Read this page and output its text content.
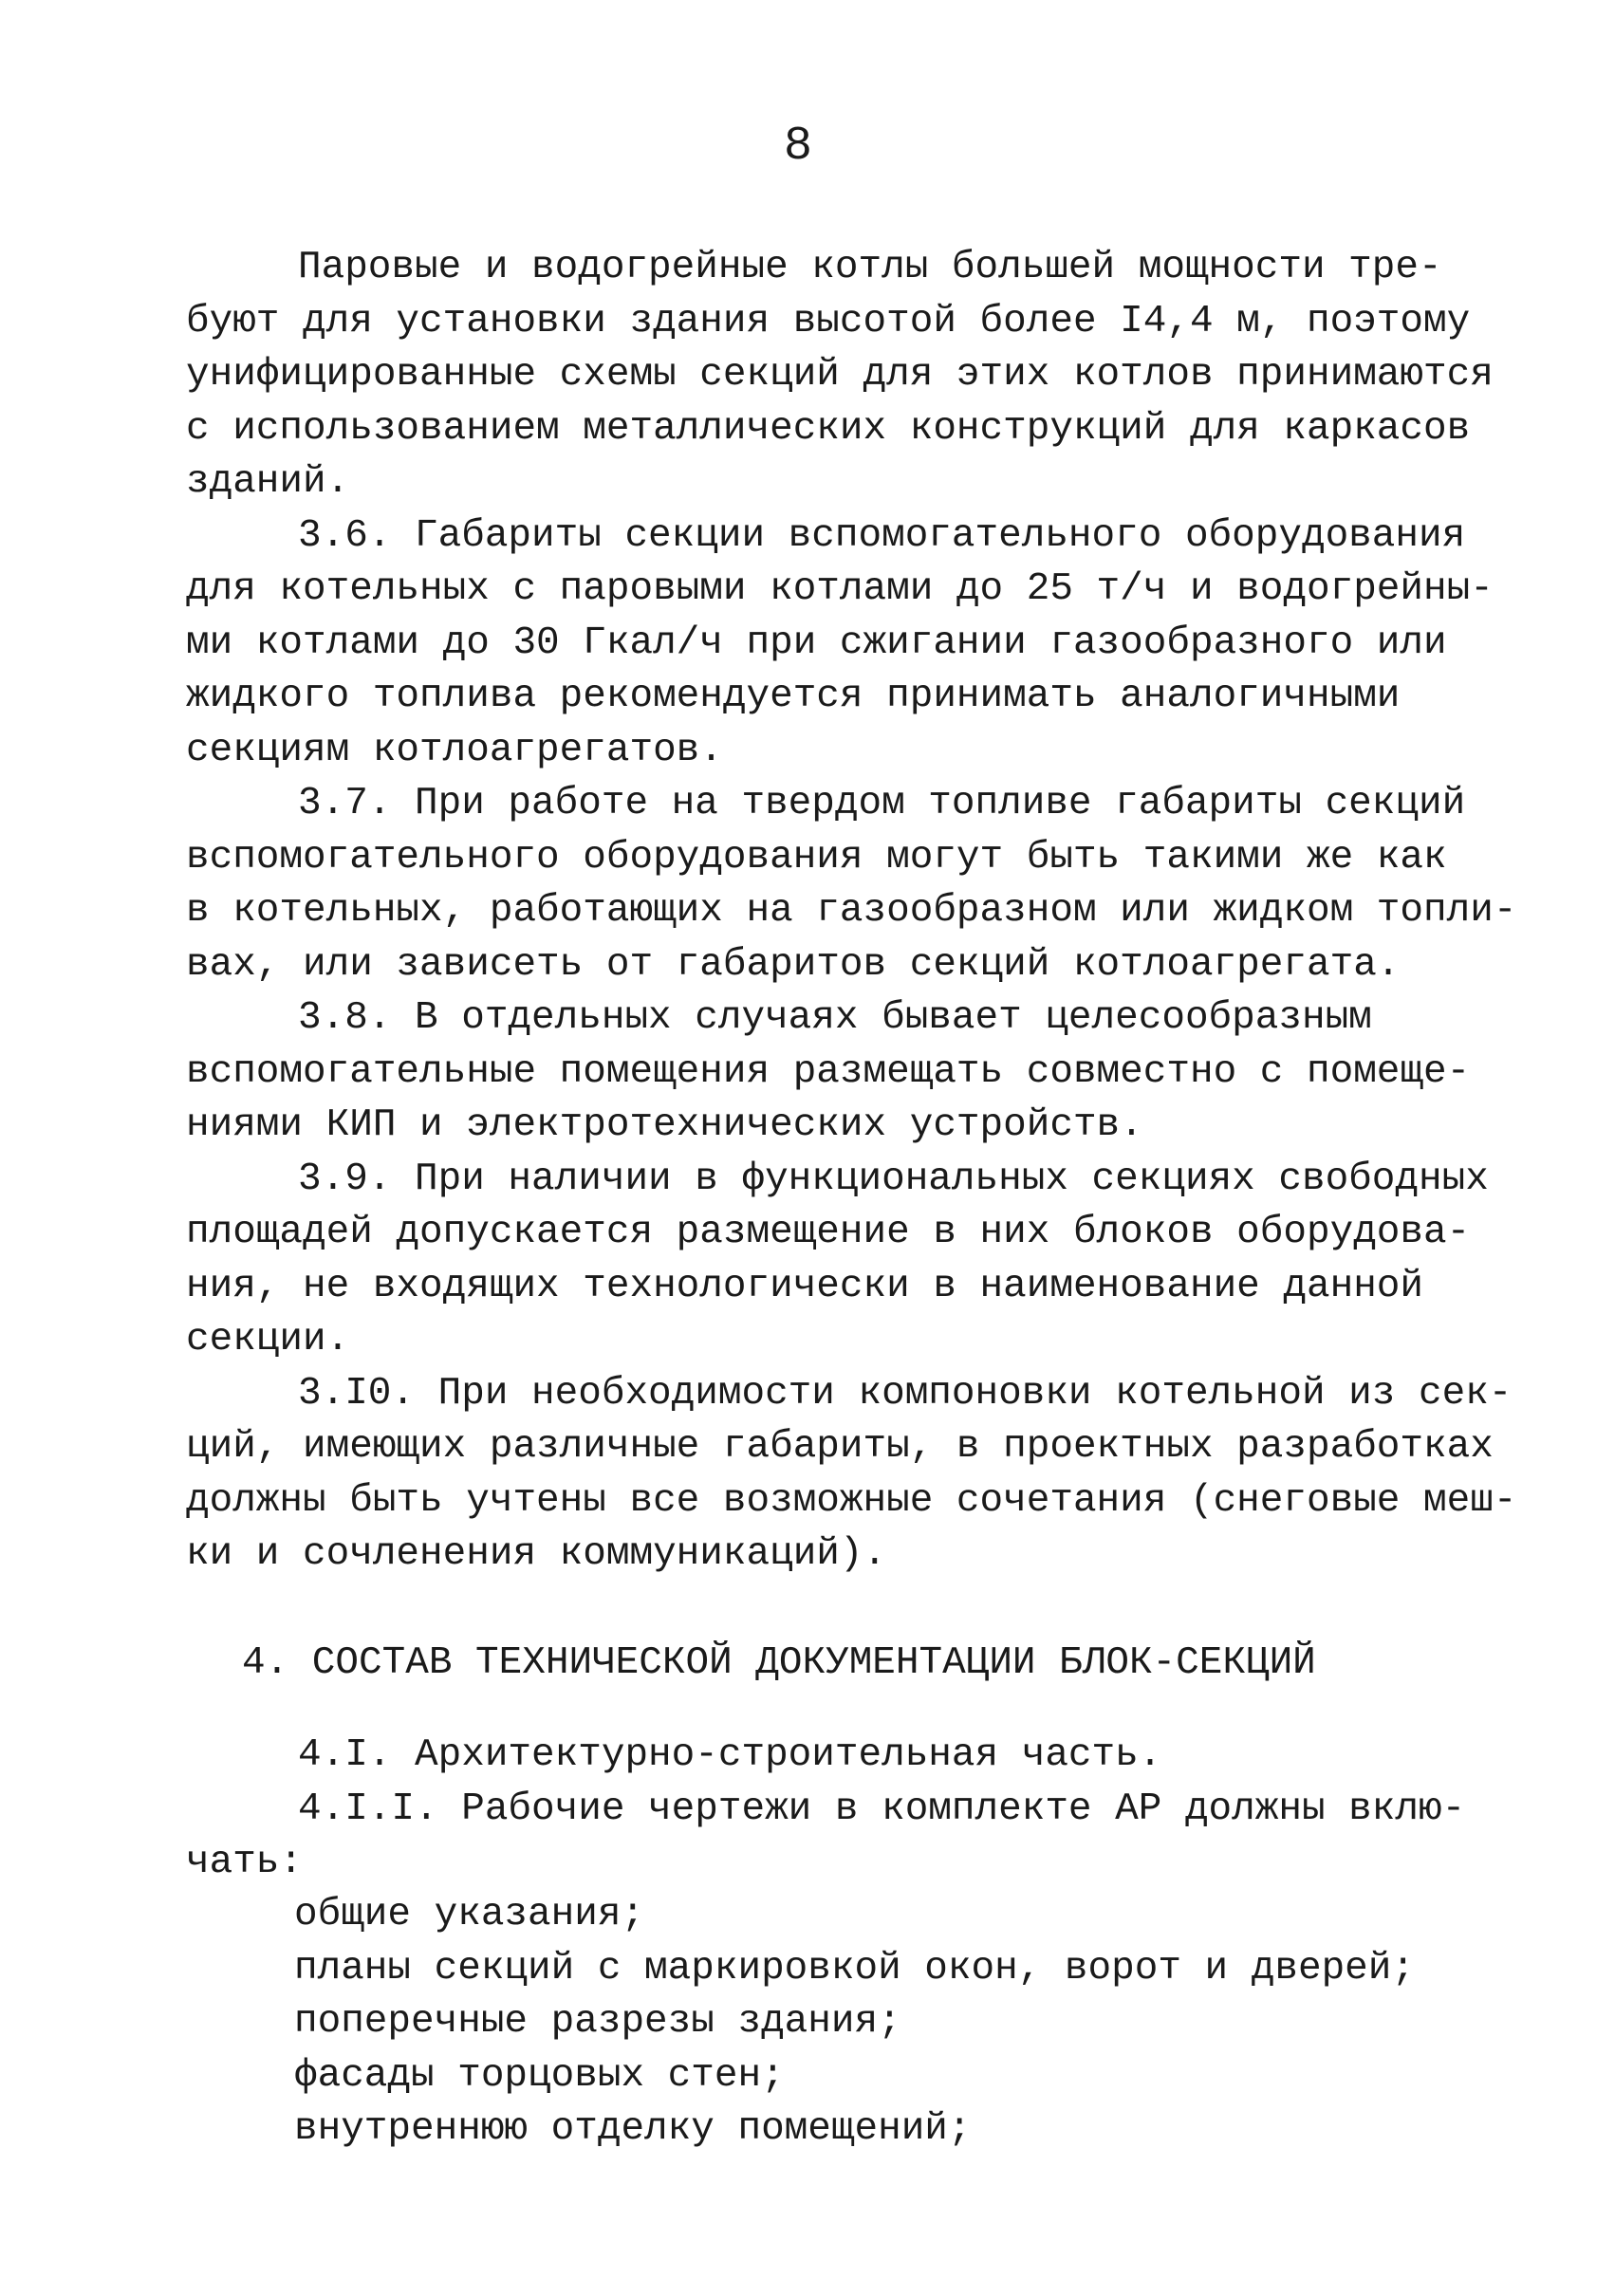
8
Паровые и водогрейные котлы большей мощности тре-
буют для установки здания высотой более I4,4 м, поэтому
унифицированные схемы секций для этих котлов принимаются
с использованием металлических конструкций для каркасов
зданий.
3.6. Габариты секции вспомогательного оборудования
для котельных с паровыми котлами до 25 т/ч и водогрейны-
ми котлами до 30 Гкал/ч при сжигании газообразного или
жидкого топлива рекомендуется принимать аналогичными
секциям котлоагрегатов.
3.7. При работе на твердом топливе габариты секций
вспомогательного оборудования могут быть такими же как
в котельных, работающих на газообразном или жидком топли-
вах, или зависеть от габаритов секций котлоагрегата.
3.8. В отдельных случаях бывает целесообразным
вспомогательные помещения размещать совместно с помеще-
ниями КИП и электротехнических устройств.
3.9. При наличии в функциональных секциях свободных
площадей допускается размещение в них блоков оборудова-
ния, не входящих технологически в наименование данной
секции.
3.I0. При необходимости компоновки котельной из сек-
ций, имеющих различные габариты, в проектных разработках
должны быть учтены все возможные сочетания (снеговые меш-
ки и сочленения коммуникаций).
4. СОСТАВ ТЕХНИЧЕСКОЙ ДОКУМЕНТАЦИИ БЛОК-СЕКЦИЙ
4.I. Архитектурно-строительная часть.
4.I.I. Рабочие чертежи в комплекте АР должны вклю-
чать:
общие указания;
планы секций с маркировкой окон, ворот и дверей;
поперечные разрезы здания;
фасады торцовых стен;
внутреннюю отделку помещений;
